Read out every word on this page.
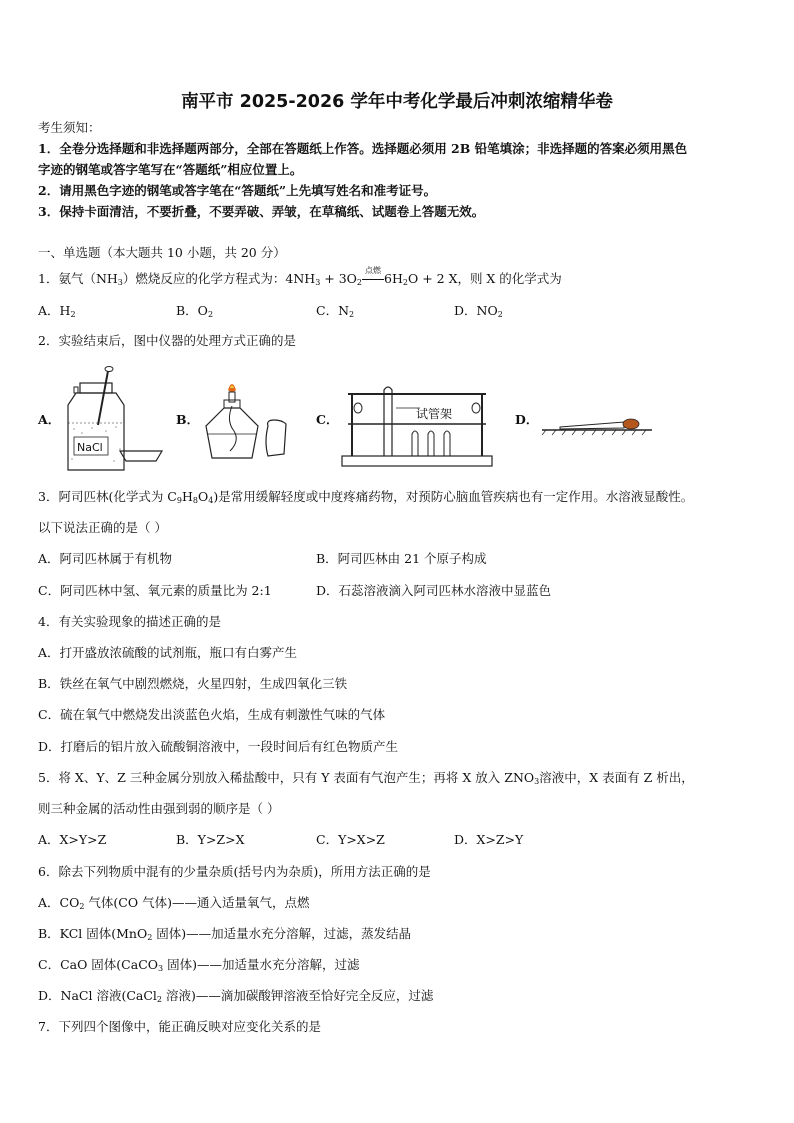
南平市 2025-2026 学年中考化学最后冲刺浓缩精华卷
考生须知：
1．全卷分选择题和非选择题两部分，全部在答题纸上作答。选择题必须用 2B 铅笔填涂；非选择题的答案必须用黑色
字迹的钢笔或答字笔写在“答题纸”相应位置上。
2．请用黑色字迹的钢笔或答字笔在“答题纸”上先填写姓名和准考证号。
3．保持卡面清洁，不要折叠，不要弄破、弄皱，在草稿纸、试题卷上答题无效。
一、单选题（本大题共 10 小题，共 20 分）
1．氨气$(NH_3)$燃烧反应的化学方程式为：$4NH_3 + 3O_2$
点燃
$6H_2O + 2$ X，则 X 的化学式为
A．$H_2$	B．$O_2$	C．$N_2$	D．$NO_2$
2．实验结束后，图中仪器的处理方式正确的是
A．	B．	C．	D．
NaCl
试管架
3．阿司匹林(化学式为 $C_9H_8O_4$)是常用缓解轻度或中度疼痛药物，对预防心脑血管疾病也有一定作用。水溶液显酸性。
以下说法正确的是（ ）
A．阿司匹林属于有机物	B．阿司匹林由 21 个原子构成
C．阿司匹林中氢、氧元素的质量比为 2:1	D．石蕊溶液滴入阿司匹林水溶液中显蓝色
4．有关实验现象的描述正确的是
A．打开盛放浓硫酸的试剂瓶，瓶口有白雾产生
B．铁丝在氧气中剧烈燃烧，火星四射，生成四氧化三铁
C．硫在氧气中燃烧发出淡蓝色火焰，生成有刺激性气味的气体
D．打磨后的铝片放入硫酸铜溶液中，一段时间后有红色物质产生
5．将 X、Y、Z 三种金属分别放入稀盐酸中，只有 Y 表面有气泡产生；再将 X 放入 $ZNO_3$溶液中，X 表面有 Z 析出，
则三种金属的活动性由强到弱的顺序是（ ）
A．X>Y>Z	B．Y>Z>X	C．Y>X>Z	D．X>Z>Y
6．除去下列物质中混有的少量杂质(括号内为杂质)，所用方法正确的是
A．$CO_2$ 气体(CO 气体)——通入适量氧气，点燃
B．KCl 固体(MnO$_2$ 固体)——加适量水充分溶解，过滤，蒸发结晶
C．CaO 固体(CaCO$_3$ 固体)——加适量水充分溶解，过滤
D．NaCl 溶液(CaCl$_2$ 溶液)——滴加碳酸钾溶液至恰好完全反应，过滤
7．下列四个图像中，能正确反映对应变化关系的是
